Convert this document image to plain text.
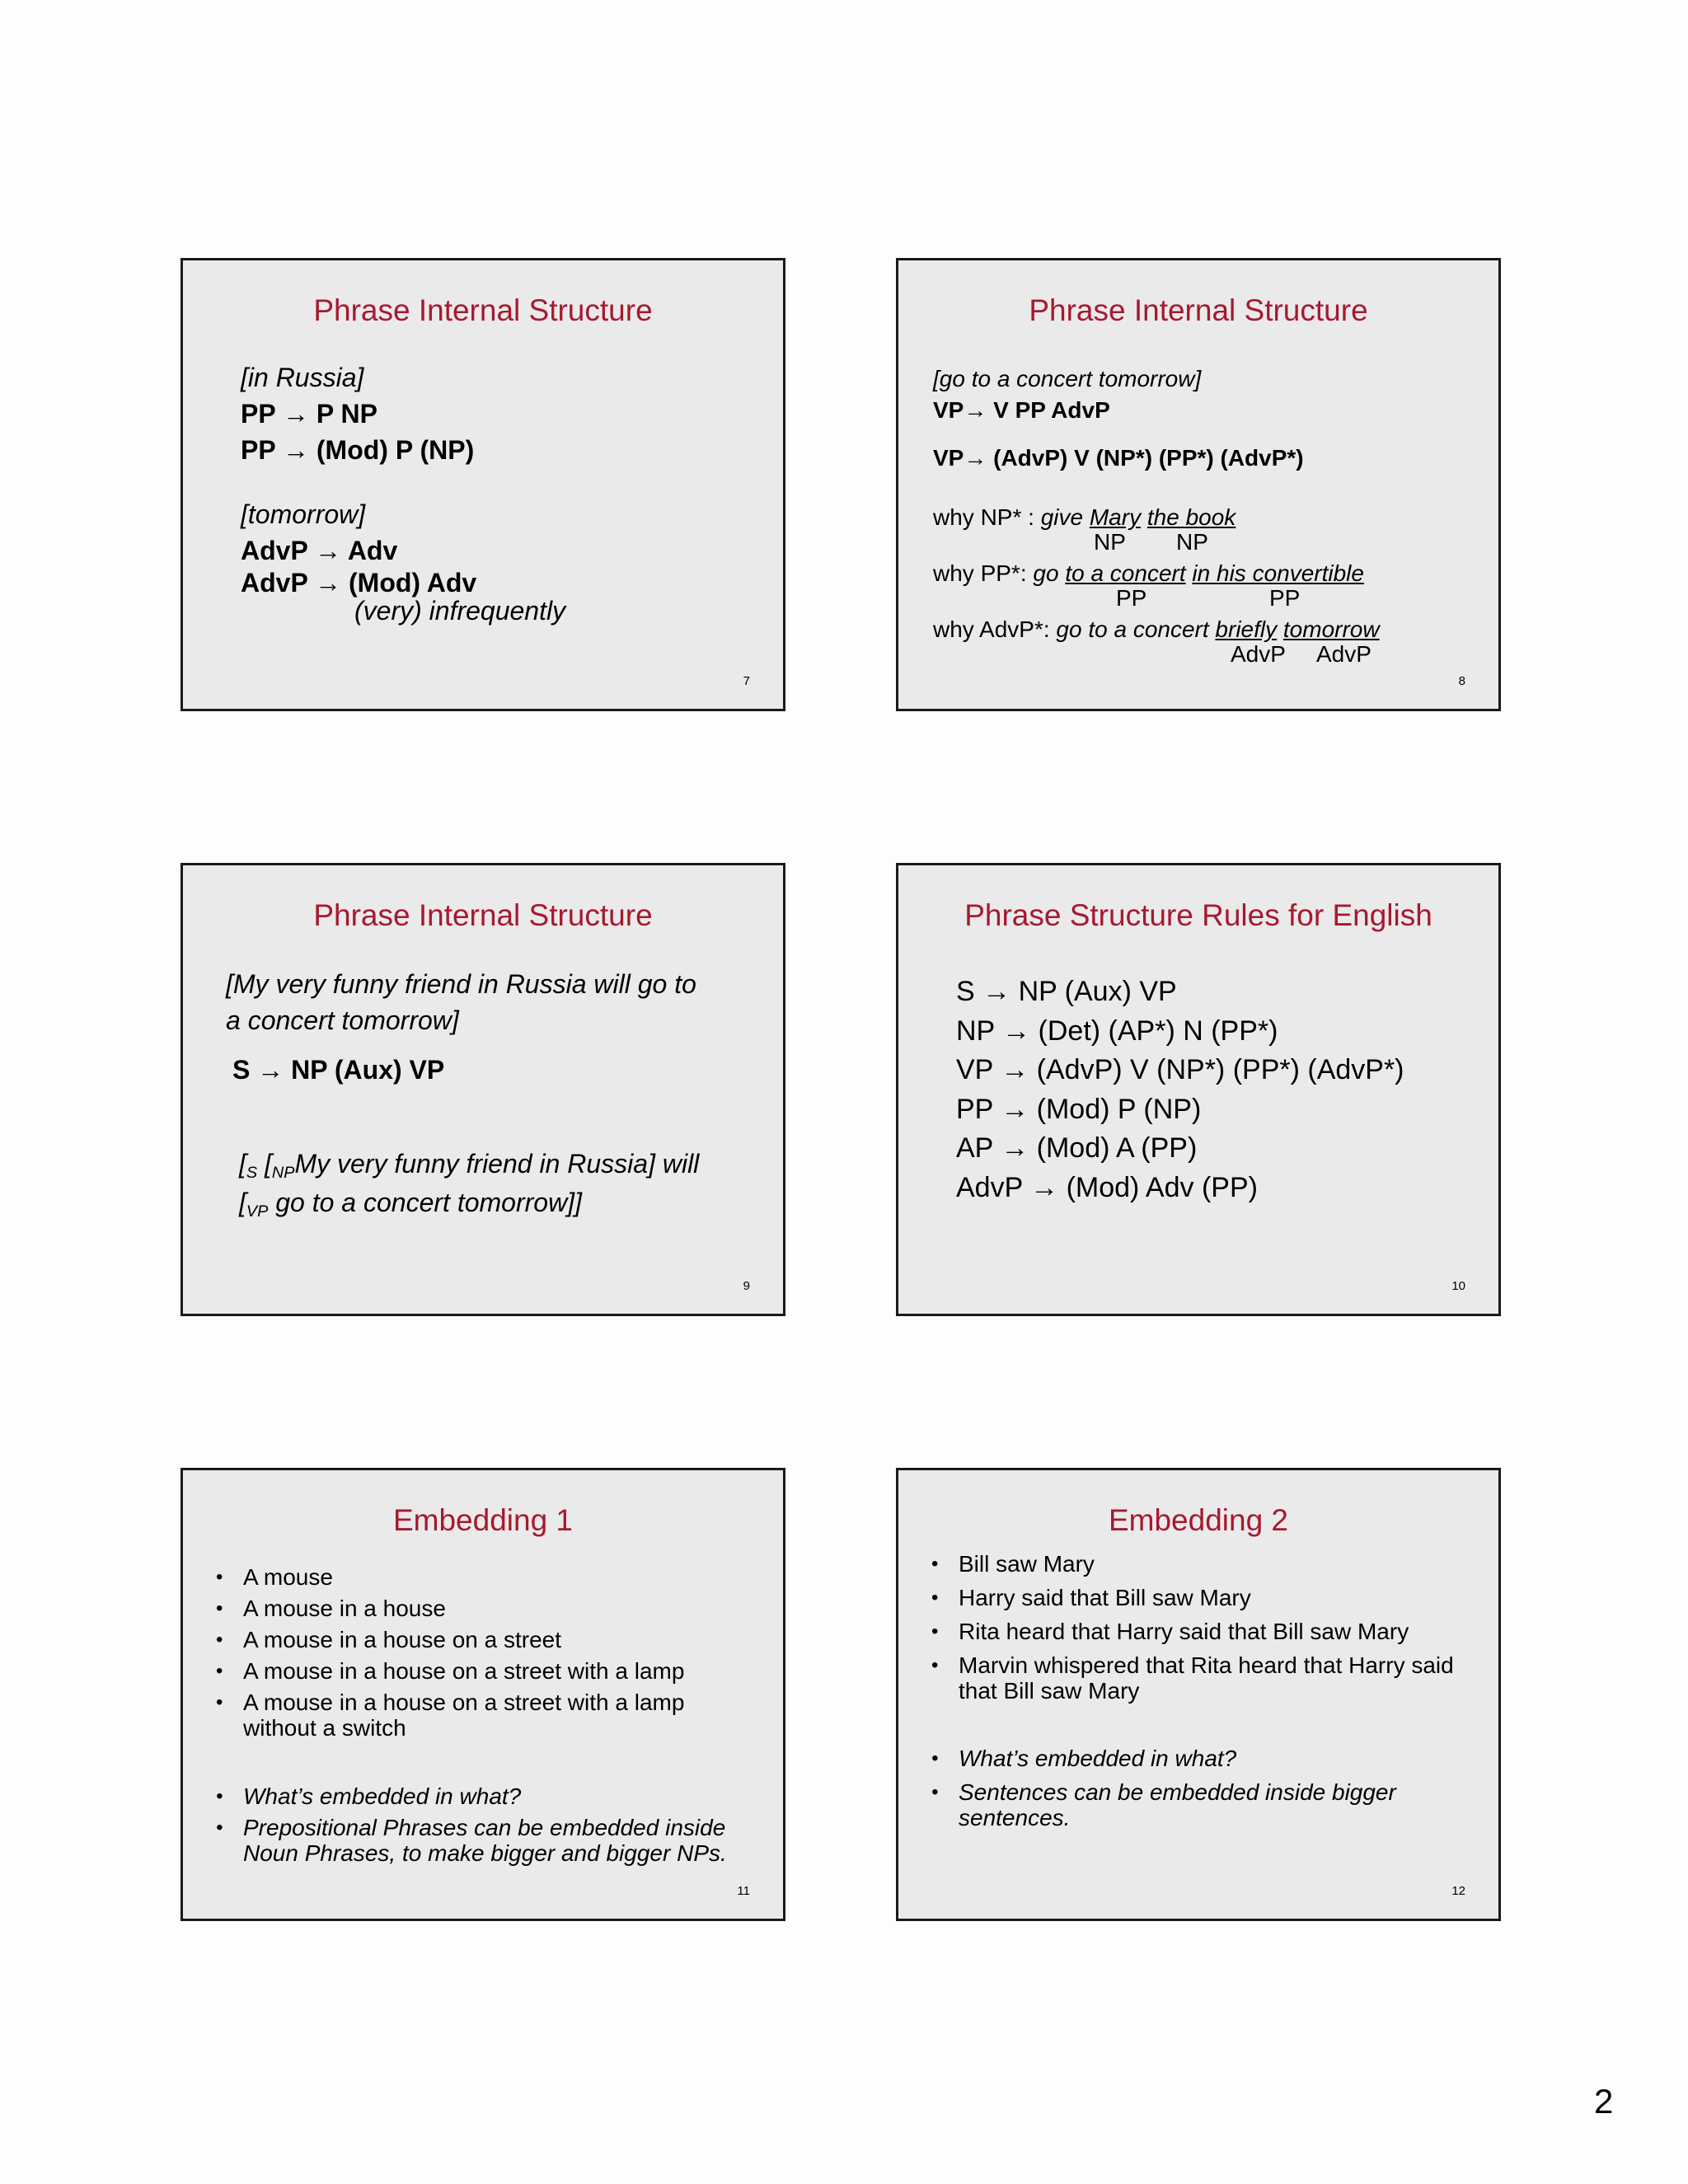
Phrase Internal Structure
[in Russia]
PP → P NP
PP → (Mod) P (NP)
[tomorrow]
AdvP → Adv
AdvP → (Mod) Adv
(very) infrequently
7
Phrase Internal Structure
[go to a concert tomorrow]
VP→ V PP AdvP
VP→ (AdvP) V (NP*) (PP*) (AdvP*)
why NP* : give Mary the book
NP NP
why PP*: go to a concert in his convertible
PP	PP
why AdvP*: go to a concert briefly tomorrow
AdvP AdvP
8
Phrase Internal Structure
[My very funny friend in Russia will go to
a concert tomorrow]
S → NP (Aux) VP
[$_S$ [$_{NP}My$ very funny friend in Russia] will
[$_{VP}$ go to a concert tomorrow]]
9
Phrase Structure Rules for English
S → NP (Aux) VP
NP → (Det) (AP*) N (PP*)
VP → (AdvP) V (NP*) (PP*) (AdvP*)
PP → (Mod) P (NP)
AP → (Mod) A (PP)
AdvP → (Mod) Adv (PP)
10
Embedding 1
• A mouse
• A mouse in a house
• A mouse in a house on a street
• A mouse in a house on a street with a lamp
• A mouse in a house on a street with a lamp
without a switch
• What’s embedded in what?
• Prepositional Phrases can be embedded inside
Noun Phrases, to make bigger and bigger NPs.
11
Embedding 2
• Bill saw Mary
• Harry said that Bill saw Mary
• Rita heard that Harry said that Bill saw Mary
• Marvin whispered that Rita heard that Harry said
that Bill saw Mary
• What’s embedded in what?
• Sentences can be embedded inside bigger
sentences.
12
2
